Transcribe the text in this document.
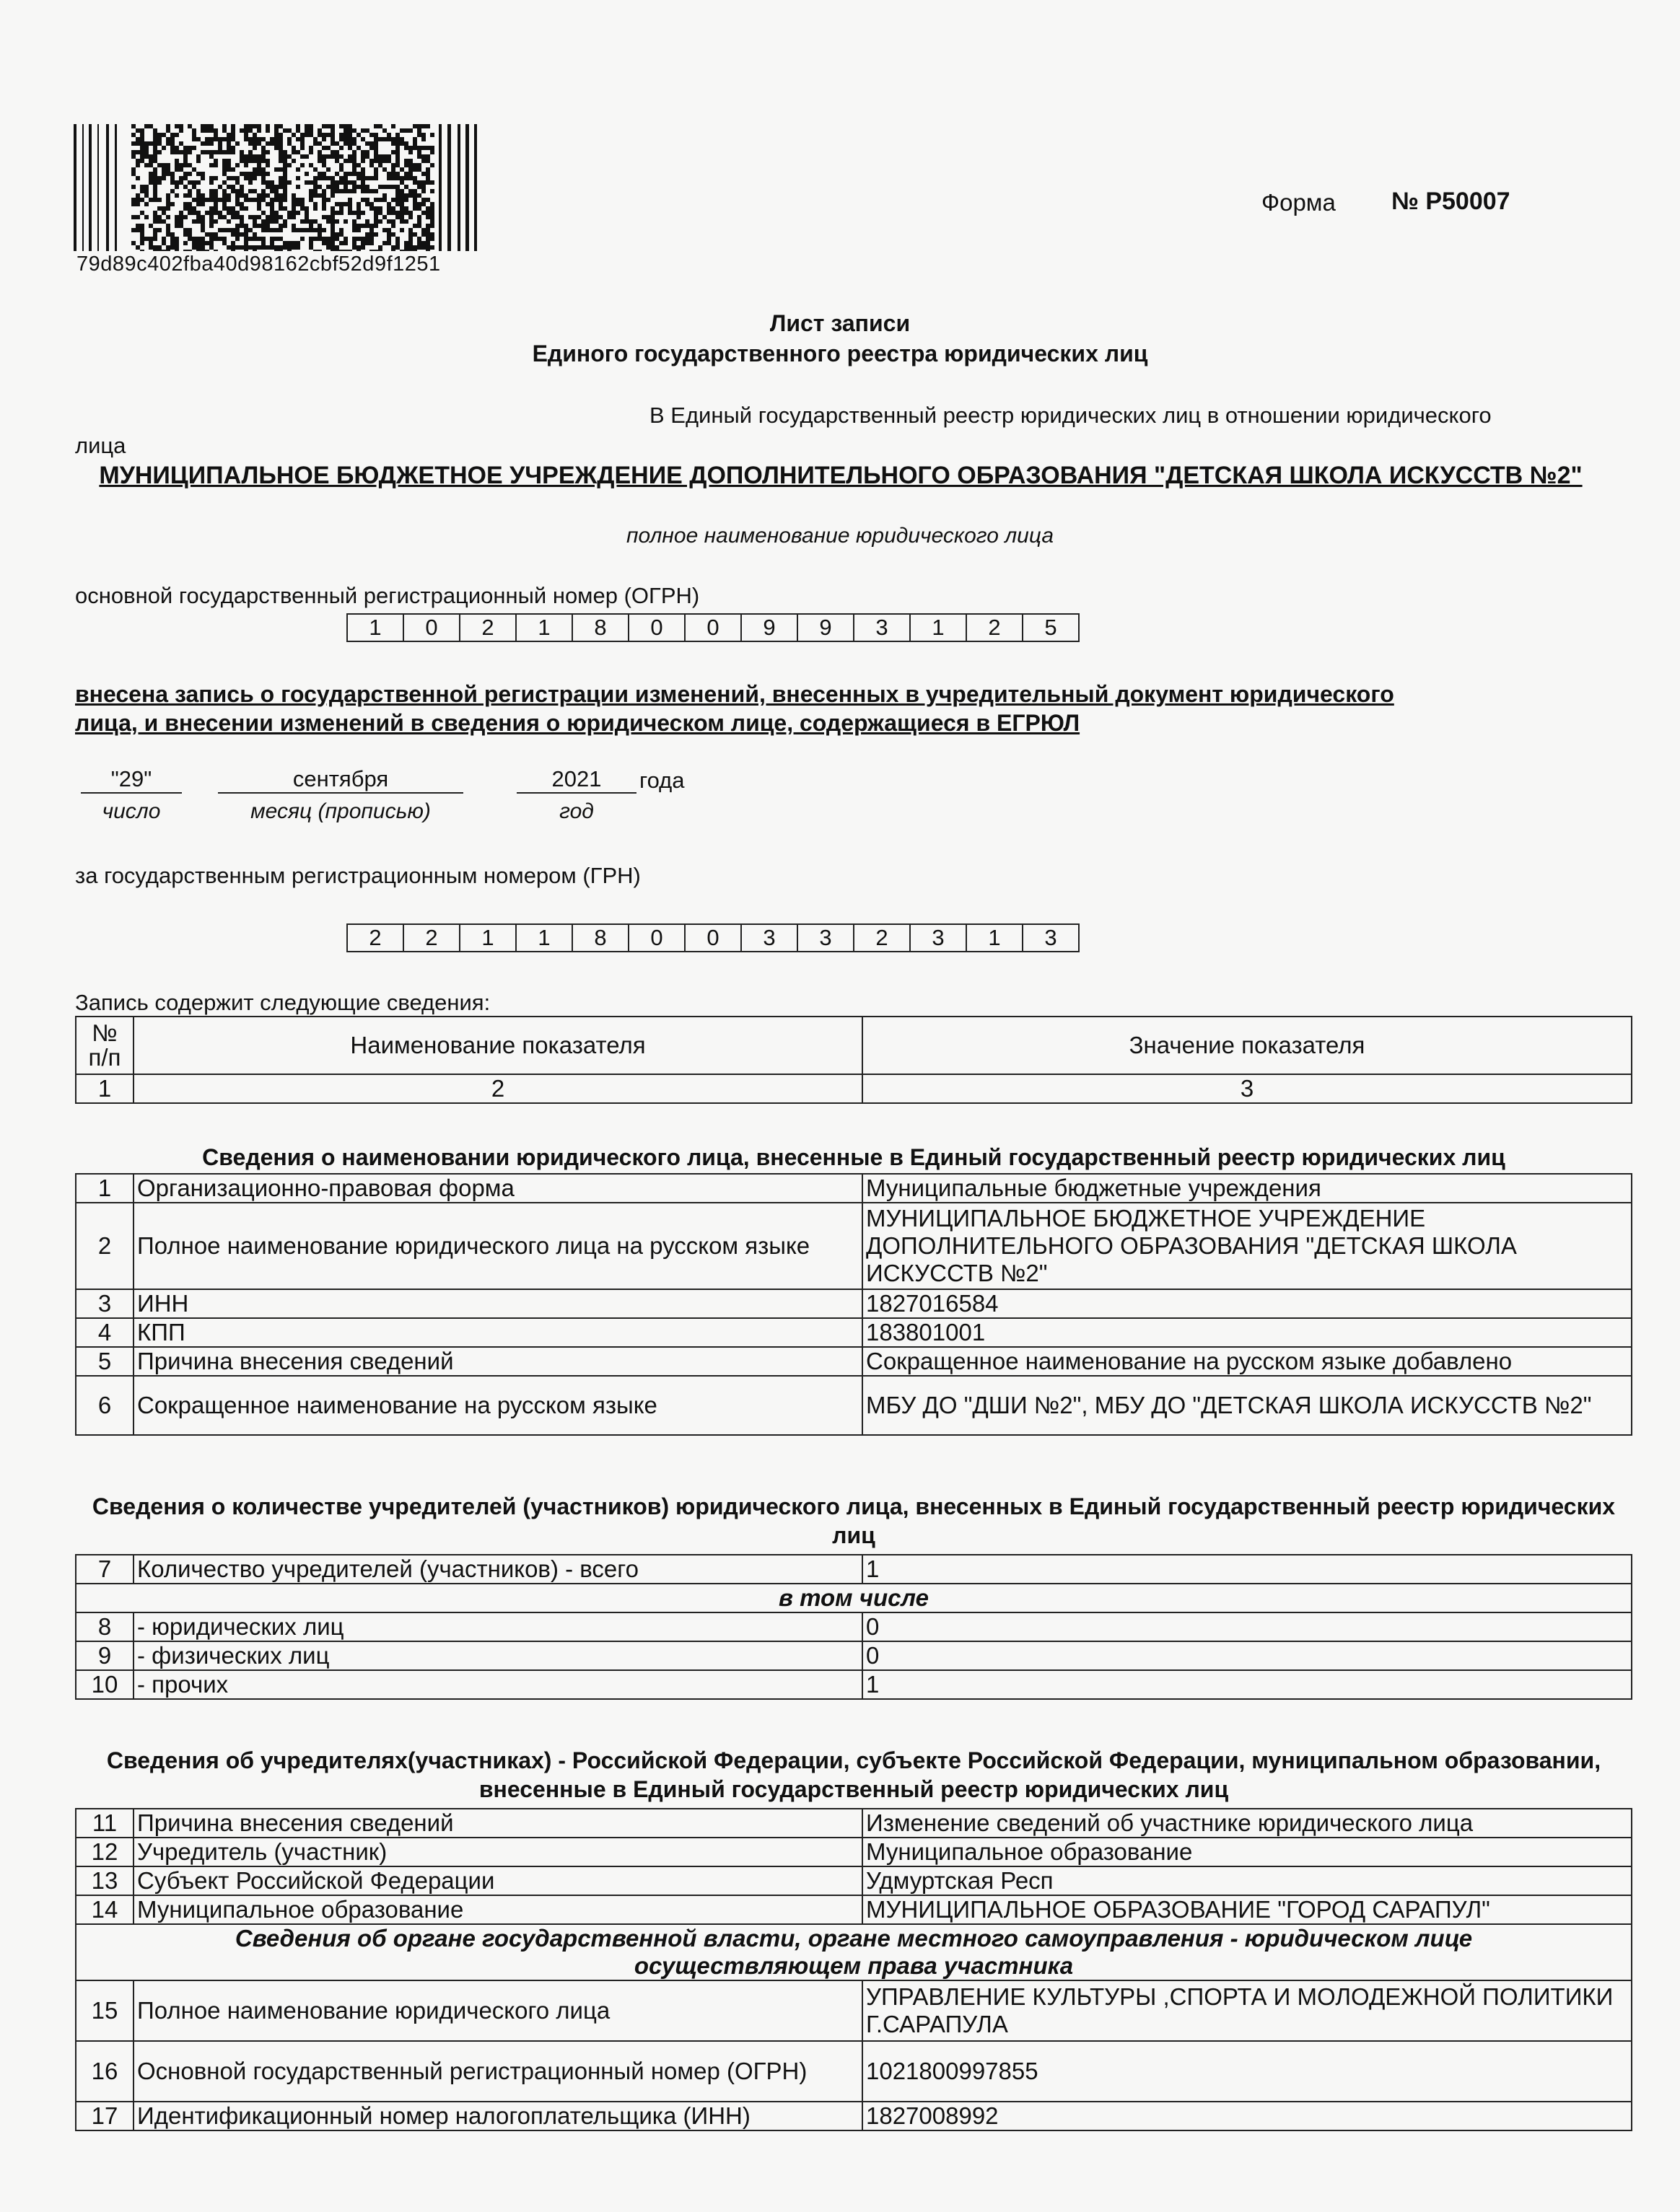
79d89c402fba40d98162cbf52d9f1251
Форма № Р50007
Лист записи
Единого государственного реестра юридических лиц
В Единый государственный реестр юридических лиц в отношении юридического
лица
МУНИЦИПАЛЬНОЕ БЮДЖЕТНОЕ УЧРЕЖДЕНИЕ ДОПОЛНИТЕЛЬНОГО ОБРАЗОВАНИЯ "ДЕТСКАЯ ШКОЛА ИСКУССТВ №2"
полное наименование юридического лица
основной государственный регистрационный номер (ОГРН)
1	0	2	1	8	0	0	9	9	3	1	2	5
внесена запись о государственной регистрации изменений, внесенных в учредительный документ юридического лица, и внесении изменений в сведения о юридическом лице, содержащиеся в ЕГРЮЛ
"29"	сентября	2021	года
число	месяц (прописью)	год
за государственным регистрационным номером (ГРН)
2	2	1	1	8	0	0	3	3	2	3	1	3
Запись содержит следующие сведения:
№ п/п	Наименование показателя	Значение показателя
1	2	3
Сведения о наименовании юридического лица, внесенные в Единый государственный реестр юридических лиц
1	Организационно-правовая форма	Муниципальные бюджетные учреждения
2	Полное наименование юридического лица на русском языке	МУНИЦИПАЛЬНОЕ БЮДЖЕТНОЕ УЧРЕЖДЕНИЕ ДОПОЛНИТЕЛЬНОГО ОБРАЗОВАНИЯ "ДЕТСКАЯ ШКОЛА ИСКУССТВ №2"
3	ИНН	1827016584
4	КПП	183801001
5	Причина внесения сведений	Сокращенное наименование на русском языке добавлено
6	Сокращенное наименование на русском языке	МБУ ДО "ДШИ №2", МБУ ДО "ДЕТСКАЯ ШКОЛА ИСКУССТВ №2"
Сведения о количестве учредителей (участников) юридического лица, внесенных в Единый государственный реестр юридических лиц
7	Количество учредителей (участников) - всего	1
в том числе		
8	- юридических лиц	0
9	- физических лиц	0
10	- прочих	1
Сведения об учредителях(участниках) - Российской Федерации, субъекте Российской Федерации, муниципальном образовании, внесенные в Единый государственный реестр юридических лиц
11	Причина внесения сведений	Изменение сведений об участнике юридического лица
12	Учредитель (участник)	Муниципальное образование
13	Субъект Российской Федерации	Удмуртская Респ
14	Муниципальное образование	МУНИЦИПАЛЬНОЕ ОБРАЗОВАНИЕ "ГОРОД САРАПУЛ"
Сведения об органе государственной власти, органе местного самоуправления - юридическом лице осуществляющем права участника		
15	Полное наименование юридического лица	УПРАВЛЕНИЕ КУЛЬТУРЫ ,СПОРТА И МОЛОДЕЖНОЙ ПОЛИТИКИ Г.САРАПУЛА
16	Основной государственный регистрационный номер (ОГРН)	1021800997855
17	Идентификационный номер налогоплательщика (ИНН)	1827008992
